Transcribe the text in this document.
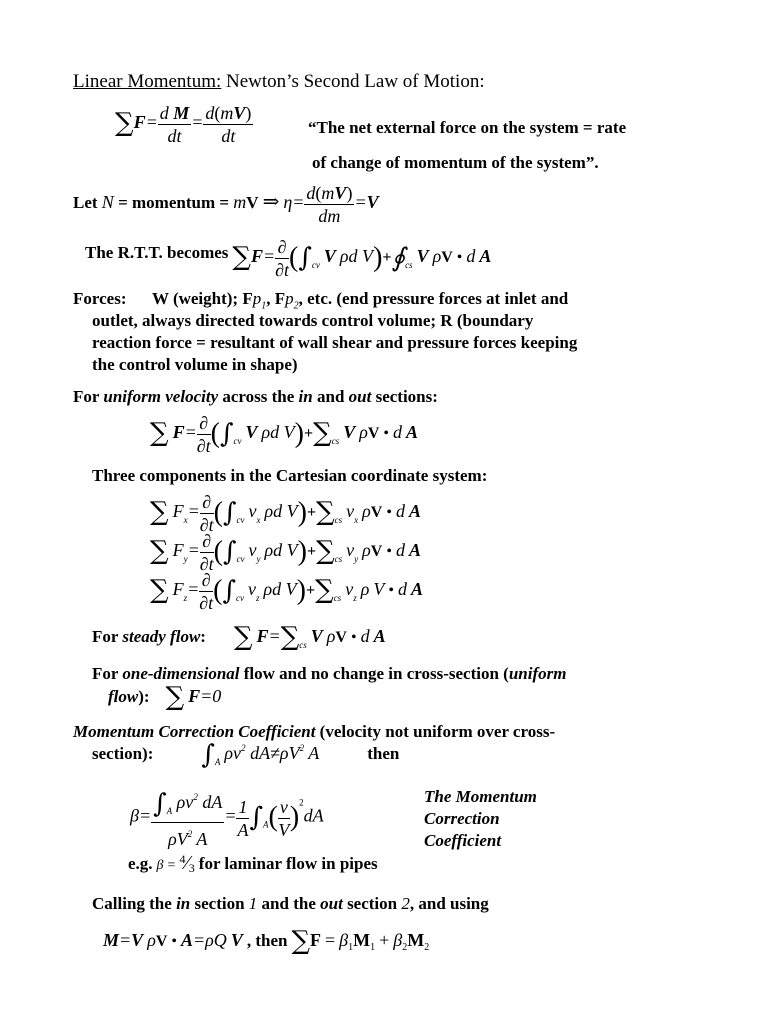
Linear Momentum: Newton’s Second Law of Motion:
$\sum F= \frac{\text{d M}}{dt} = \frac{d(mV)}{dt}$	“The net external force on the system = rate
of change of momentum of the system”.
Let N = momentum = mV ⇒ $\eta= \frac{d(mV)}{dm} =V$
The R.T.T. becomes $\sum F= \frac{\partial}{\partial t} (\int_{cv}$ V ρd $V)+∮_{cs}$ V ρV • d A
Forces: W (weight); $Fp_1$, $Fp_2$, etc. (end pressure forces at inlet and
outlet, always directed towards control volume; R (boundary
reaction force = resultant of wall shear and pressure forces keeping
the control volume in shape)
For uniform velocity across the in and out sections:
∑ $F= \frac{\partial}{\partial t} (\int_{cv}$ V ρd $V)+\sum_{cs}$ V ρV • d A
Three components in the Cartesian coordinate system:
∑ $F_x= \frac{\partial}{\partial t} (\int_{cv}$ $v_x$ ρd $V)+\sum_{cs}$ $v_x$ ρV • d A
∑ $F_y= \frac{\partial}{\partial t} (\int_{cv}$ $v_y$ ρd $V)+\sum_{cs}$ $v_y$ ρV • d A
∑ $F_z= \frac{\partial}{\partial t} (\int_{cv}$ $v_z$ ρd $V)+\sum_{cs}$ $v_z$ ρ V • d A
For steady flow: ∑ $F=\sum_{cs}$ V ρV • d A
For one-dimensional flow and no change in cross-section (uniform
flow): ∑ F=0
Momentum Correction Coefficient (velocity not uniform over cross-
section): $\int_A$ $\rho v^2$ $dA\ne\rho V^2$ A	then
$\beta= \frac{\int_A \rho v^2 dA}{\rho V^2 A} = \frac{1}{A} \int_A( \frac{v}{V} )^2dA$
The Momentum
Correction
Coefficient
e.g. β = $^4$⁄3 for laminar flow in pipes
Calling the in section 1 and the out section 2, and using
M=V ρV • A=ρQ V , then $\sum F = \beta_1M_1 + \beta_2M_2$
